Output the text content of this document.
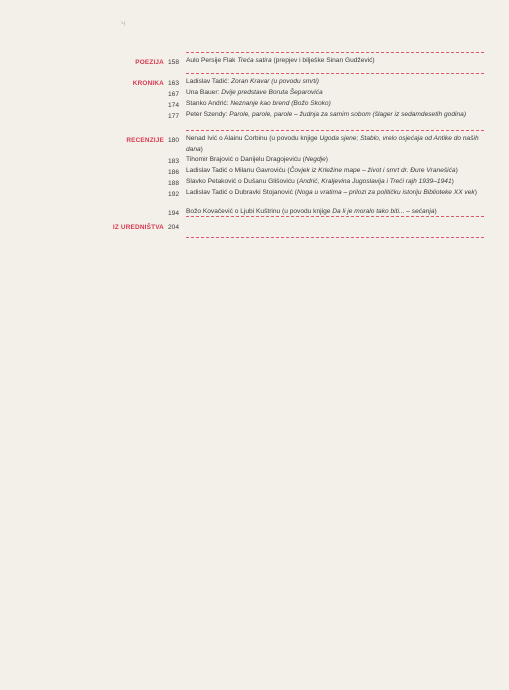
ч
POEZIJA 158 Aulo Persije Flak Treća satira (prepjev i bilješke Sinan Gudžević)
KRONIKA 163 Ladislav Tadić: Zoran Kravar (u povodu smrti)
167 Una Bauer: Dvije predstave Boruta Šeparovića
174 Stanko Andrić: Neznanje kao brend (Božo Skoko)
177 Peter Szendy: Parole, parole, parole – žudnja za samim sobom (šlager iz sedamdesetih godina)
RECENZIJE 180 Nenad Ivić o Alainu Corbinu (u povodu knjige Ugoda sjene; Stablo, vrelo osjećaja od Antike do naših dana)
183 Tihomir Brajović o Danijelu Dragojeviću (Negdje)
186 Ladislav Tadić o Milanu Gavroviću (Čovjek iz Krležine mape – život i smrt dr. Đure Vranešića)
188 Slavko Petaković o Dušanu Glišoviću (Andrić, Kraljevina Jugoslavija i Treći rajh 1939–1941)
192 Ladislav Tadić o Dubravki Stojanović (Noga u vratima – prilozi za političku istoriju Biblioteke XX vek)
194 Božo Kovačević o Ljubi Kuštrinu (u povodu knjige Da li je moralo tako biti... – sećanja)
IZ UREDNIŠTVA 204
